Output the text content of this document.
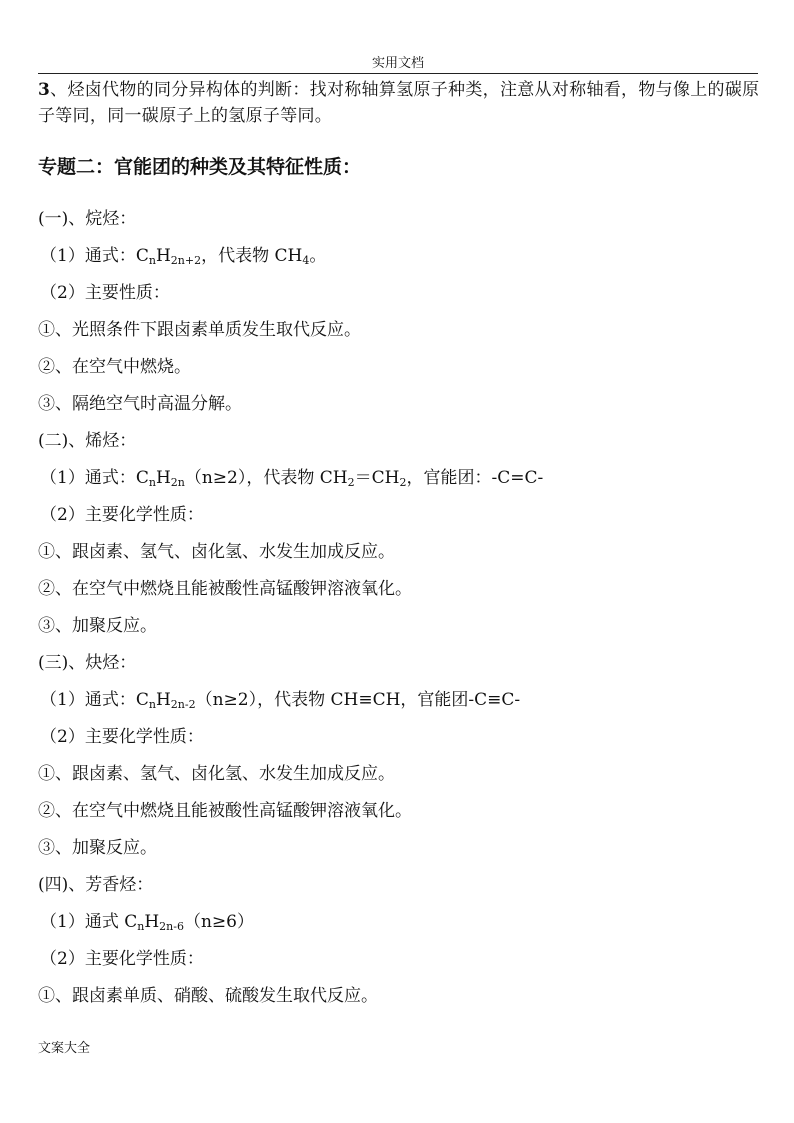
实用文档
3、烃卤代物的同分异构体的判断：找对称轴算氢原子种类，注意从对称轴看，物与像上的碳原子等同，同一碳原子上的氢原子等同。
专题二：官能团的种类及其特征性质：
(一)、烷烃：
（1）通式：$C_nH_{2n+2}$，代表物 $CH_4$。
（2）主要性质：
①、光照条件下跟卤素单质发生取代反应。
②、在空气中燃烧。
③、隔绝空气时高温分解。
(二)、烯烃：
（1）通式：$C_nH_{2n}(n\ge 2)$，代表物 $CH_2=CH_2$，官能团：-C=C-
（2）主要化学性质：
①、跟卤素、氢气、卤化氢、水发生加成反应。
②、在空气中燃烧且能被酸性高锰酸钾溶液氧化。
③、加聚反应。
(三)、炔烃：
（1）通式：$C_nH_{2n-2}(n\ge 2)$，代表物 CH≡CH，官能团-C≡C-
（2）主要化学性质：
①、跟卤素、氢气、卤化氢、水发生加成反应。
②、在空气中燃烧且能被酸性高锰酸钾溶液氧化。
③、加聚反应。
(四)、芳香烃：
（1）通式 $C_nH_{2n-6}(n\ge 6)$
（2）主要化学性质：
①、跟卤素单质、硝酸、硫酸发生取代反应。
文案大全
